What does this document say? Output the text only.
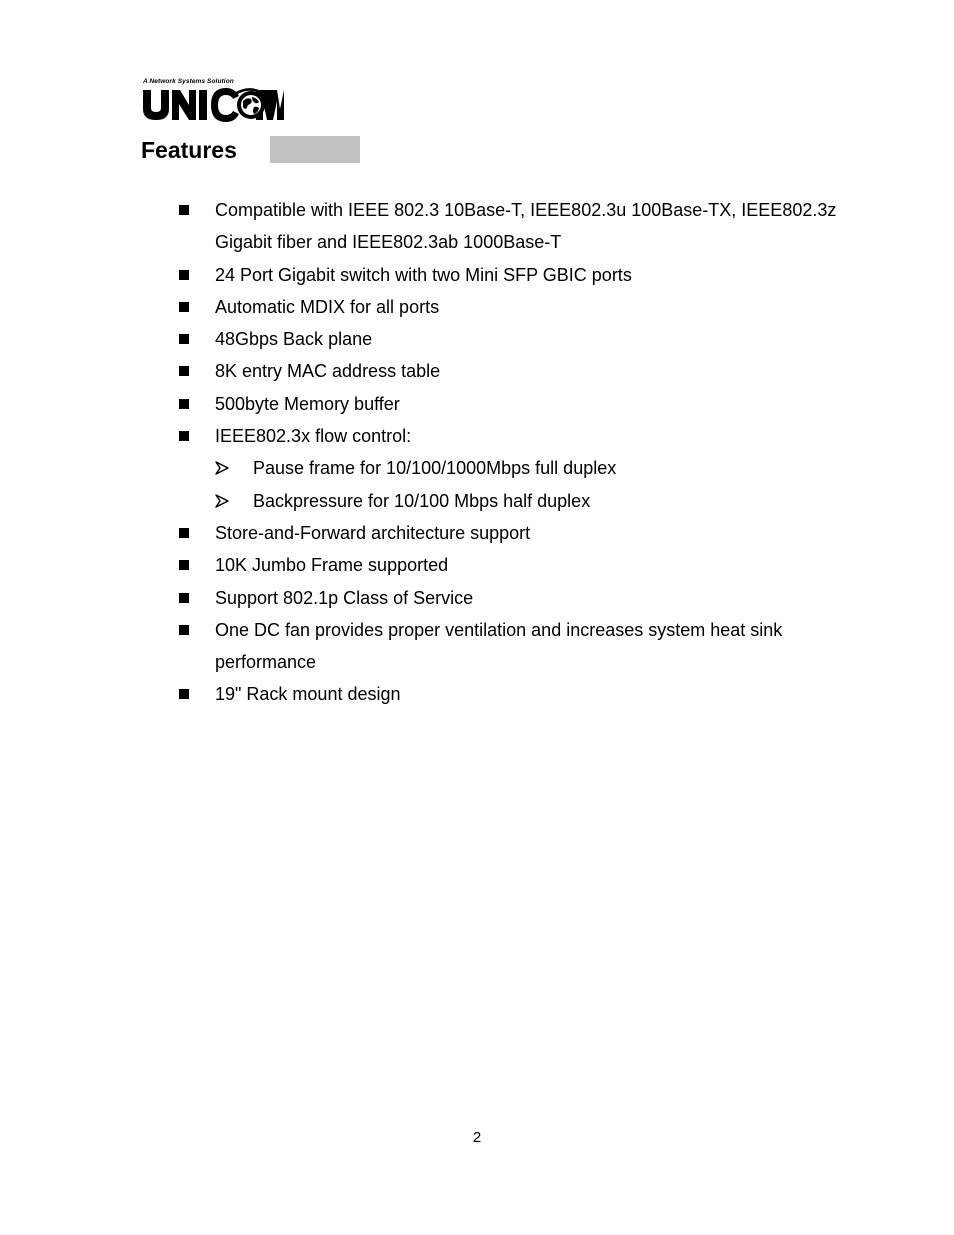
A Network Systems Solution
Features
Compatible with IEEE 802.3 10Base-T, IEEE802.3u 100Base-TX, IEEE802.3z Gigabit fiber and IEEE802.3ab 1000Base-T
24 Port Gigabit switch with two Mini SFP GBIC ports
Automatic MDIX for all ports
48Gbps Back plane
8K entry MAC address table
500byte Memory buffer
IEEE802.3x flow control:
Pause frame for 10/100/1000Mbps full duplex
Backpressure for 10/100 Mbps half duplex
Store-and-Forward architecture support
10K Jumbo Frame supported
Support 802.1p Class of Service
One DC fan provides proper ventilation and increases system heat sink performance
19" Rack mount design
2
